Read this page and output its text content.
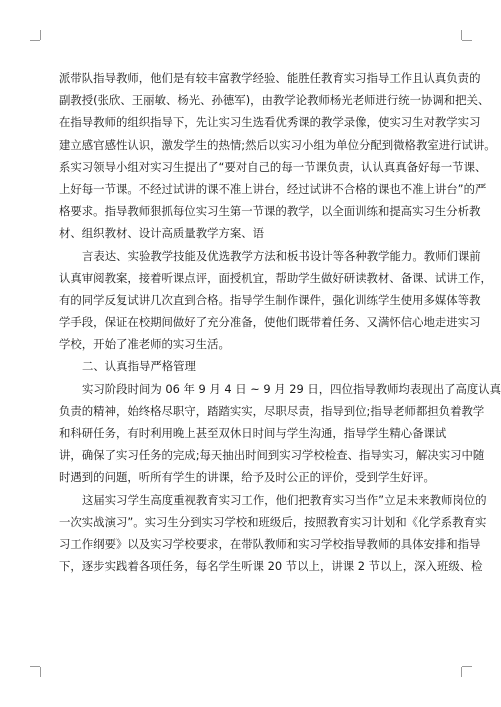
派带队指导教师，他们是有较丰富教学经验、能胜任教育实习指导工作且认真负责的
副教授(张欣、王丽敏、杨光、孙德军)，由教学论教师杨光老师进行统一协调和把关、
在指导教师的组织指导下，先让实习生选看优秀课的教学录像，使实习生对教学实习
建立感官感性认识，激发学生的热情;然后以实习小组为单位分配到微格教室进行试讲。
系实习领导小组对实习生提出了“要对自己的每一节课负责，认认真真备好每一节课、
上好每一节课。不经过试讲的课不准上讲台，经过试讲不合格的课也不准上讲台”的严
格要求。指导教师狠抓每位实习生第一节课的教学，以全面训练和提高实习生分析教
材、组织教材、设计高质量教学方案、语
言表达、实验教学技能及优选教学方法和板书设计等各种教学能力。教师们课前
认真审阅教案，接着听课点评，面授机宜，帮助学生做好研读教材、备课、试讲工作，
有的同学反复试讲几次直到合格。指导学生制作课件，强化训练学生使用多媒体等教
学手段，保证在校期间做好了充分准备，使他们既带着任务、又满怀信心地走进实习
学校，开始了准老师的实习生活。
二、认真指导严格管理
实习阶段时间为 06 年 9 月 4 日 ~ 9 月 29 日，四位指导教师均表现出了高度认真
负责的精神，始终格尽职守，踏踏实实，尽职尽责，指导到位;指导老师都担负着教学
和科研任务，有时利用晚上甚至双休日时间与学生沟通，指导学生精心备课试
讲，确保了实习任务的完成;每天抽出时间到实习学校检查、指导实习，解决实习中随
时遇到的问题，听所有学生的讲课，给予及时公正的评价，受到学生好评。
这届实习学生高度重视教育实习工作，他们把教育实习当作”立足未来教师岗位的
一次实战演习”。实习生分到实习学校和班级后，按照教育实习计划和《化学系教育实
习工作纲要》以及实习学校要求，在带队教师和实习学校指导教师的具体安排和指导
下，逐步实践着各项任务，每名学生听课 20 节以上，讲课 2 节以上，深入班级、检
